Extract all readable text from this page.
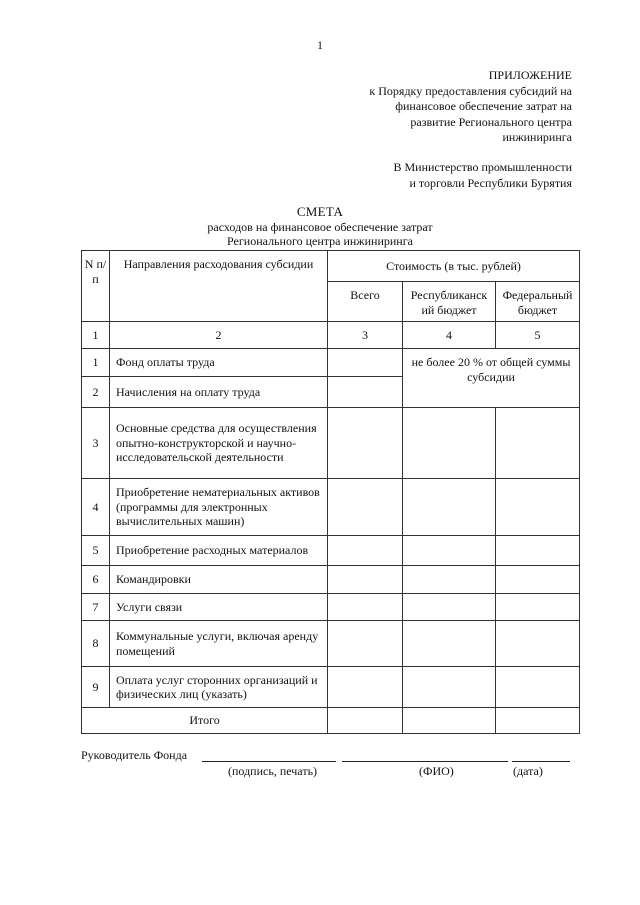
1
ПРИЛОЖЕНИЕ
к Порядку предоставления субсидий на
финансовое обеспечение затрат на
развитие Регионального центра
инжиниринга
В Министерство промышленности
и торговли Республики Бурятия
СМЕТА
расходов на финансовое обеспечение затрат
Регионального центра инжиниринга
N п/п	Направления расходования субсидии	Стоимость (в тыс. рублей)		
		Всего	Республиканск ий бюджет	Федеральный бюджет
1	2	3	4	5
1	Фонд оплаты труда		не более 20 % от общей суммы субсидии	
2	Начисления на оплату труда			
3	Основные средства для осуществления опытно-конструкторской и научно-исследовательской деятельности			
4	Приобретение нематериальных активов (программы для электронных вычислительных машин)			
5	Приобретение расходных материалов			
6	Командировки			
7	Услуги связи			
8	Коммунальные услуги, включая аренду помещений			
9	Оплата услуг сторонних организаций и физических лиц (указать)			
Итого				
Руководитель Фонда
(подпись, печать)	(ФИО)	(дата)
